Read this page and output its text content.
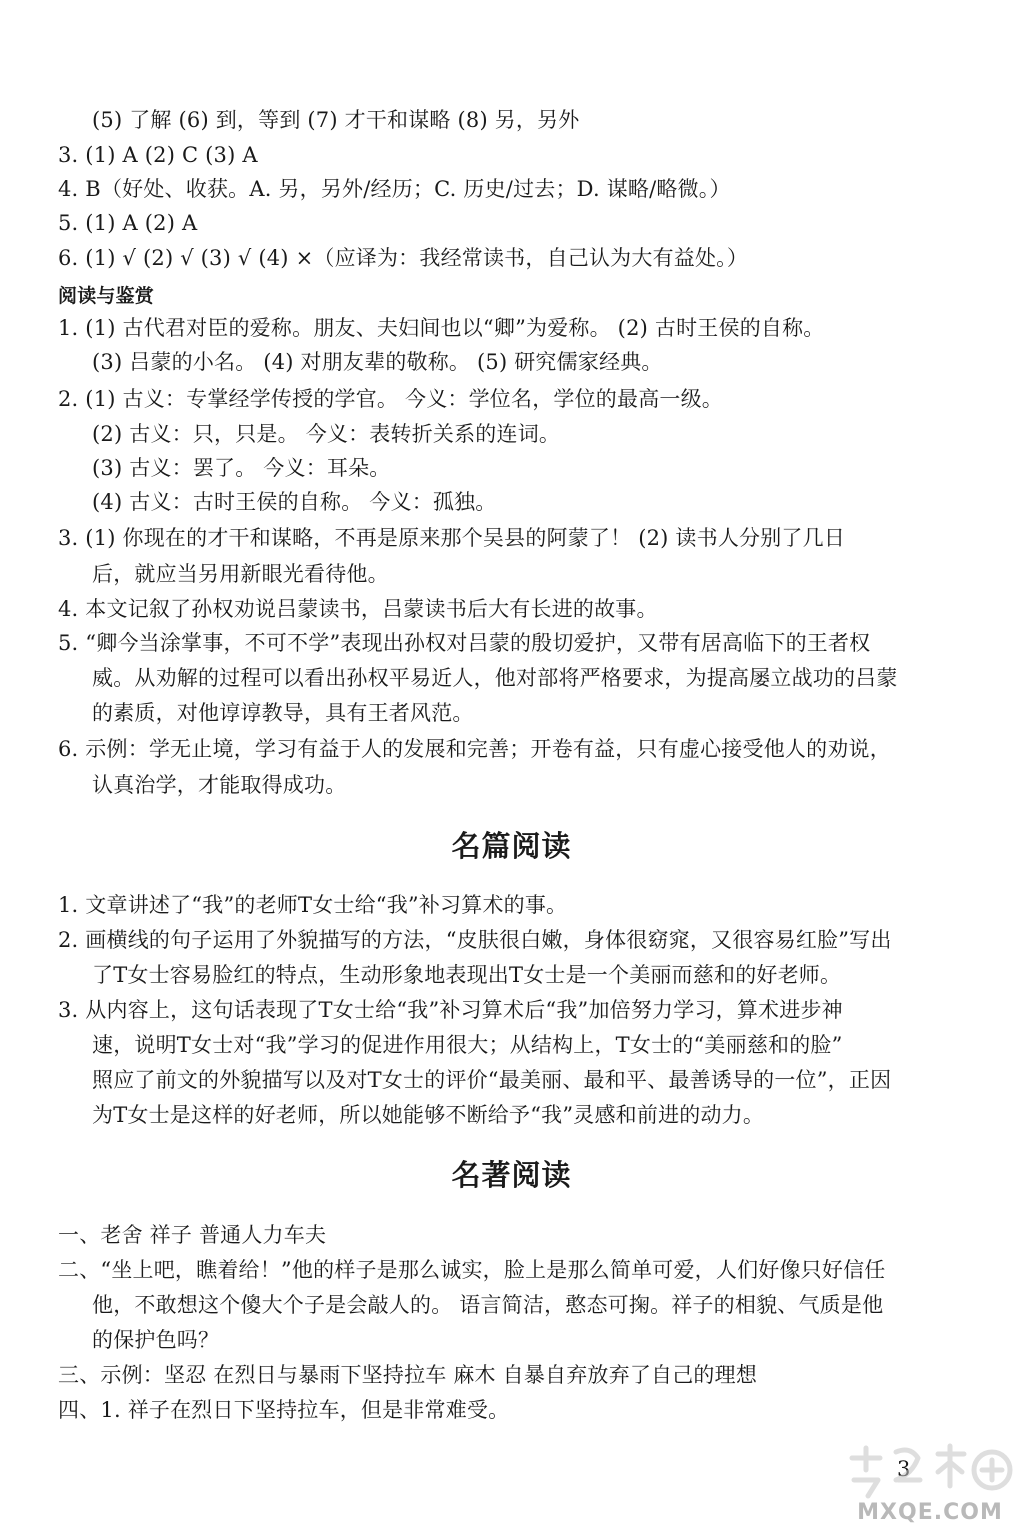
(5) 了解 (6) 到，等到 (7) 才干和谋略 (8) 另，另外
3. (1) A (2) C (3) A
4. B（好处、收获。A. 另，另外/经历；C. 历史/过去；D. 谋略/略微。）
5. (1) A (2) A
6. (1) √ (2) √ (3) √ (4) ×（应译为：我经常读书，自己认为大有益处。）
阅读与鉴赏
1. (1) 古代君对臣的爱称。朋友、夫妇间也以“卿”为爱称。 (2) 古时王侯的自称。
(3) 吕蒙的小名。 (4) 对朋友辈的敬称。 (5) 研究儒家经典。
2. (1) 古义：专掌经学传授的学官。 今义：学位名，学位的最高一级。
(2) 古义：只，只是。 今义：表转折关系的连词。
(3) 古义：罢了。 今义：耳朵。
(4) 古义：古时王侯的自称。 今义：孤独。
3. (1) 你现在的才干和谋略，不再是原来那个吴县的阿蒙了！ (2) 读书人分别了几日
后，就应当另用新眼光看待他。
4. 本文记叙了孙权劝说吕蒙读书，吕蒙读书后大有长进的故事。
5. “卿今当涂掌事，不可不学”表现出孙权对吕蒙的殷切爱护，又带有居高临下的王者权
威。从劝解的过程可以看出孙权平易近人，他对部将严格要求，为提高屡立战功的吕蒙
的素质，对他谆谆教导，具有王者风范。
6. 示例：学无止境，学习有益于人的发展和完善；开卷有益，只有虚心接受他人的劝说，
认真治学，才能取得成功。
名篇阅读
1. 文章讲述了“我”的老师T女士给“我”补习算术的事。
2. 画横线的句子运用了外貌描写的方法，“皮肤很白嫩，身体很窈窕，又很容易红脸”写出
了T女士容易脸红的特点，生动形象地表现出T女士是一个美丽而慈和的好老师。
3. 从内容上，这句话表现了T女士给“我”补习算术后“我”加倍努力学习，算术进步神
速，说明T女士对“我”学习的促进作用很大；从结构上，T女士的“美丽慈和的脸”
照应了前文的外貌描写以及对T女士的评价“最美丽、最和平、最善诱导的一位”，正因
为T女士是这样的好老师，所以她能够不断给予“我”灵感和前进的动力。
名著阅读
一、老舍 祥子 普通人力车夫
二、“坐上吧，瞧着给！”他的样子是那么诚实，脸上是那么简单可爱，人们好像只好信任
他，不敢想这个傻大个子是会敲人的。 语言简洁，憨态可掬。祥子的相貌、气质是他
的保护色吗？
三、示例：坚忍 在烈日与暴雨下坚持拉车 麻木 自暴自弃放弃了自己的理想
四、1. 祥子在烈日下坚持拉车，但是非常难受。
3
MXQE.COM
